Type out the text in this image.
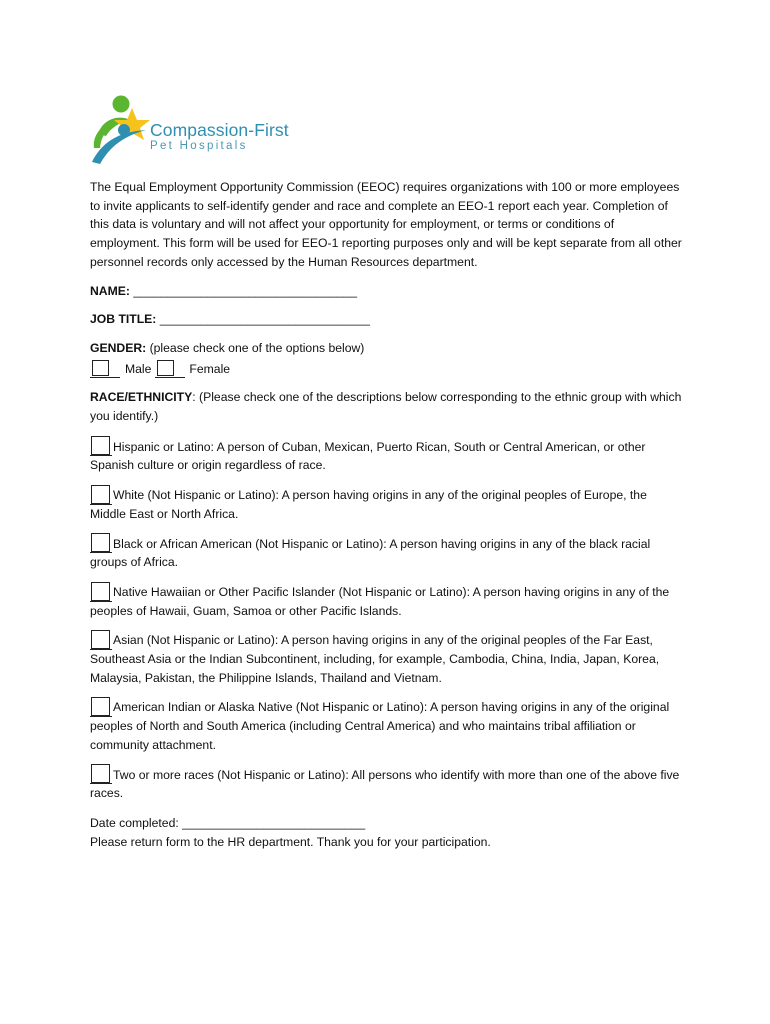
Compassion-First
Pet Hospitals

The Equal Employment Opportunity Commission (EEOC) requires organizations with 100 or more employees to invite applicants to self-identify gender and race and complete an EEO-1 report each year. Completion of this data is voluntary and will not affect your opportunity for employment, or terms or conditions of employment. This form will be used for EEO-1 reporting purposes only and will be kept separate from all other personnel records only accessed by the Human Resources department.

NAME: _________________________________

JOB TITLE: _______________________________

GENDER: (please check one of the options below)

Male	Female

RACE/ETHNICITY: (Please check one of the descriptions below corresponding to the ethnic group with which you identify.)

Hispanic or Latino: A person of Cuban, Mexican, Puerto Rican, South or Central American, or other Spanish culture or origin regardless of race.
White (Not Hispanic or Latino): A person having origins in any of the original peoples of Europe, the Middle East or North Africa.
Black or African American (Not Hispanic or Latino): A person having origins in any of the black racial groups of Africa.
Native Hawaiian or Other Pacific Islander (Not Hispanic or Latino): A person having origins in any of the peoples of Hawaii, Guam, Samoa or other Pacific Islands.
Asian (Not Hispanic or Latino): A person having origins in any of the original peoples of the Far East, Southeast Asia or the Indian Subcontinent, including, for example, Cambodia, China, India, Japan, Korea, Malaysia, Pakistan, the Philippine Islands, Thailand and Vietnam.
American Indian or Alaska Native (Not Hispanic or Latino): A person having origins in any of the original peoples of North and South America (including Central America) and who maintains tribal affiliation or community attachment.
Two or more races (Not Hispanic or Latino): All persons who identify with more than one of the above five races.

Date completed: ___________________________

Please return form to the HR department. Thank you for your participation.
